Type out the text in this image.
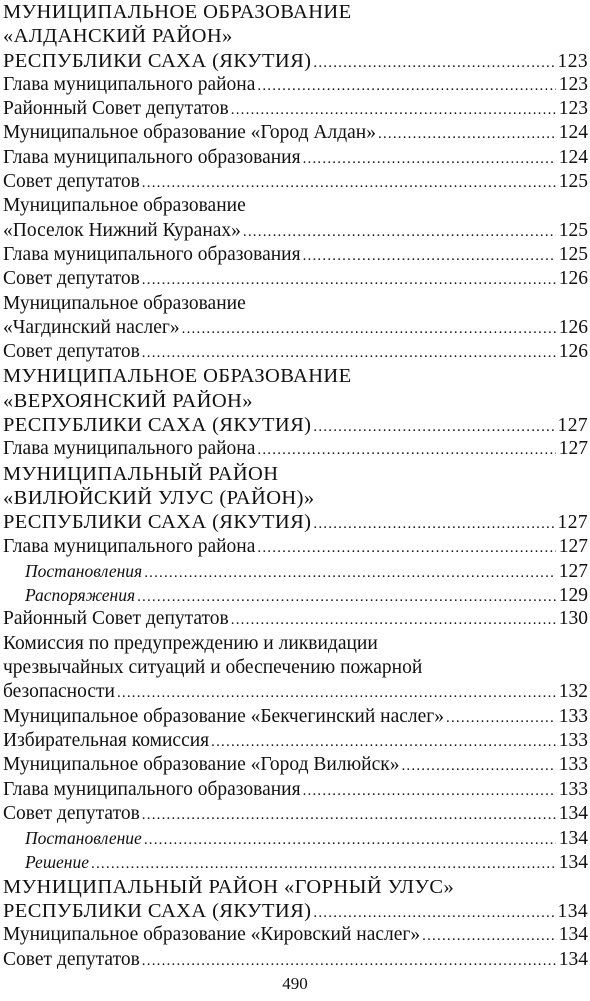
МУНИЦИПАЛЬНОЕ ОБРАЗОВАНИЕ
«АЛДАНСКИЙ РАЙОН»
РЕСПУБЛИКИ САХА (ЯКУТИЯ) .....	123
Глава муниципального района .....	123
Районный Совет депутатов .....	123
Муниципальное образование «Город Алдан» .....	124
Глава муниципального образования .....	124
Совет депутатов .....	125
Муниципальное образование
«Поселок Нижний Куранах» .....	125
Глава муниципального образования .....	125
Совет депутатов .....	126
Муниципальное образование
«Чагдинский наслег» .....	126
Совет депутатов .....	126
МУНИЦИПАЛЬНОЕ ОБРАЗОВАНИЕ
«ВЕРХОЯНСКИЙ РАЙОН»
РЕСПУБЛИКИ САХА (ЯКУТИЯ) .....	127
Глава муниципального района .....	127
МУНИЦИПАЛЬНЫЙ РАЙОН
«ВИЛЮЙСКИЙ УЛУС (РАЙОН)»
РЕСПУБЛИКИ САХА (ЯКУТИЯ) .....	127
Глава муниципального района .....	127
Постановления .....	127
Распоряжения .....	129
Районный Совет депутатов .....	130
Комиссия по предупреждению и ликвидации
чрезвычайных ситуаций и обеспечению пожарной
безопасности .....	132
Муниципальное образование «Бекчегинский наслег» .....	133
Избирательная комиссия .....	133
Муниципальное образование «Город Вилюйск» .....	133
Глава муниципального образования .....	133
Совет депутатов .....	134
Постановление .....	134
Решение .....	134
МУНИЦИПАЛЬНЫЙ РАЙОН «ГОРНЫЙ УЛУС»
РЕСПУБЛИКИ САХА (ЯКУТИЯ) .....	134
Муниципальное образование «Кировский наслег» .....	134
Совет депутатов .....	134
490
